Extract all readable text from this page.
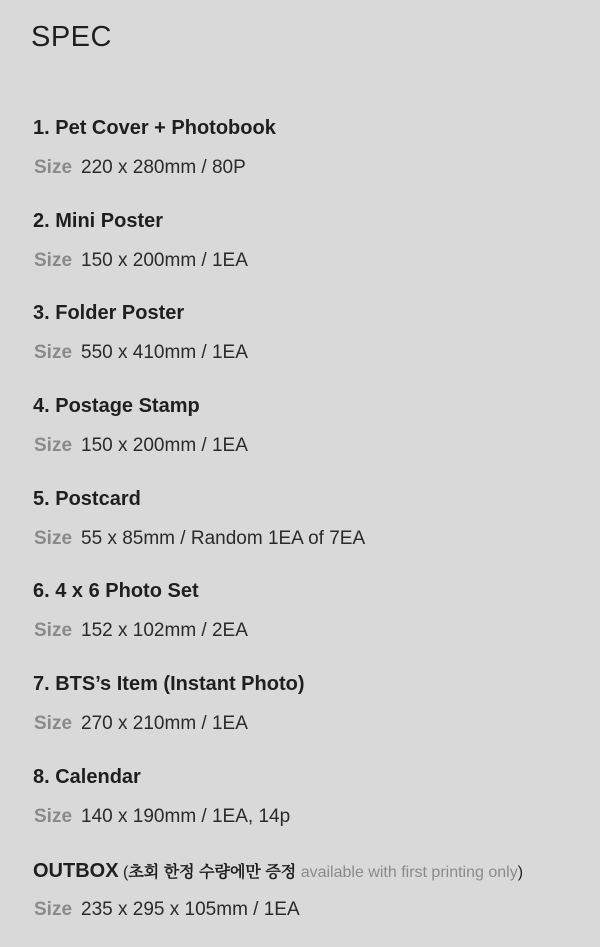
SPEC
1. Pet Cover + Photobook
Size 220 x 280mm / 80P
2. Mini Poster
Size 150 x 200mm / 1EA
3. Folder Poster
Size 550 x 410mm / 1EA
4. Postage Stamp
Size 150 x 200mm / 1EA
5. Postcard
Size 55 x 85mm / Random 1EA of 7EA
6. 4 x 6 Photo Set
Size 152 x 102mm / 2EA
7. BTS’s Item (Instant Photo)
Size 270 x 210mm / 1EA
8. Calendar
Size 140 x 190mm / 1EA, 14p
OUTBOX (초회 한정 수량에만 증정 available with first printing only)
Size 235 x 295 x 105mm / 1EA
